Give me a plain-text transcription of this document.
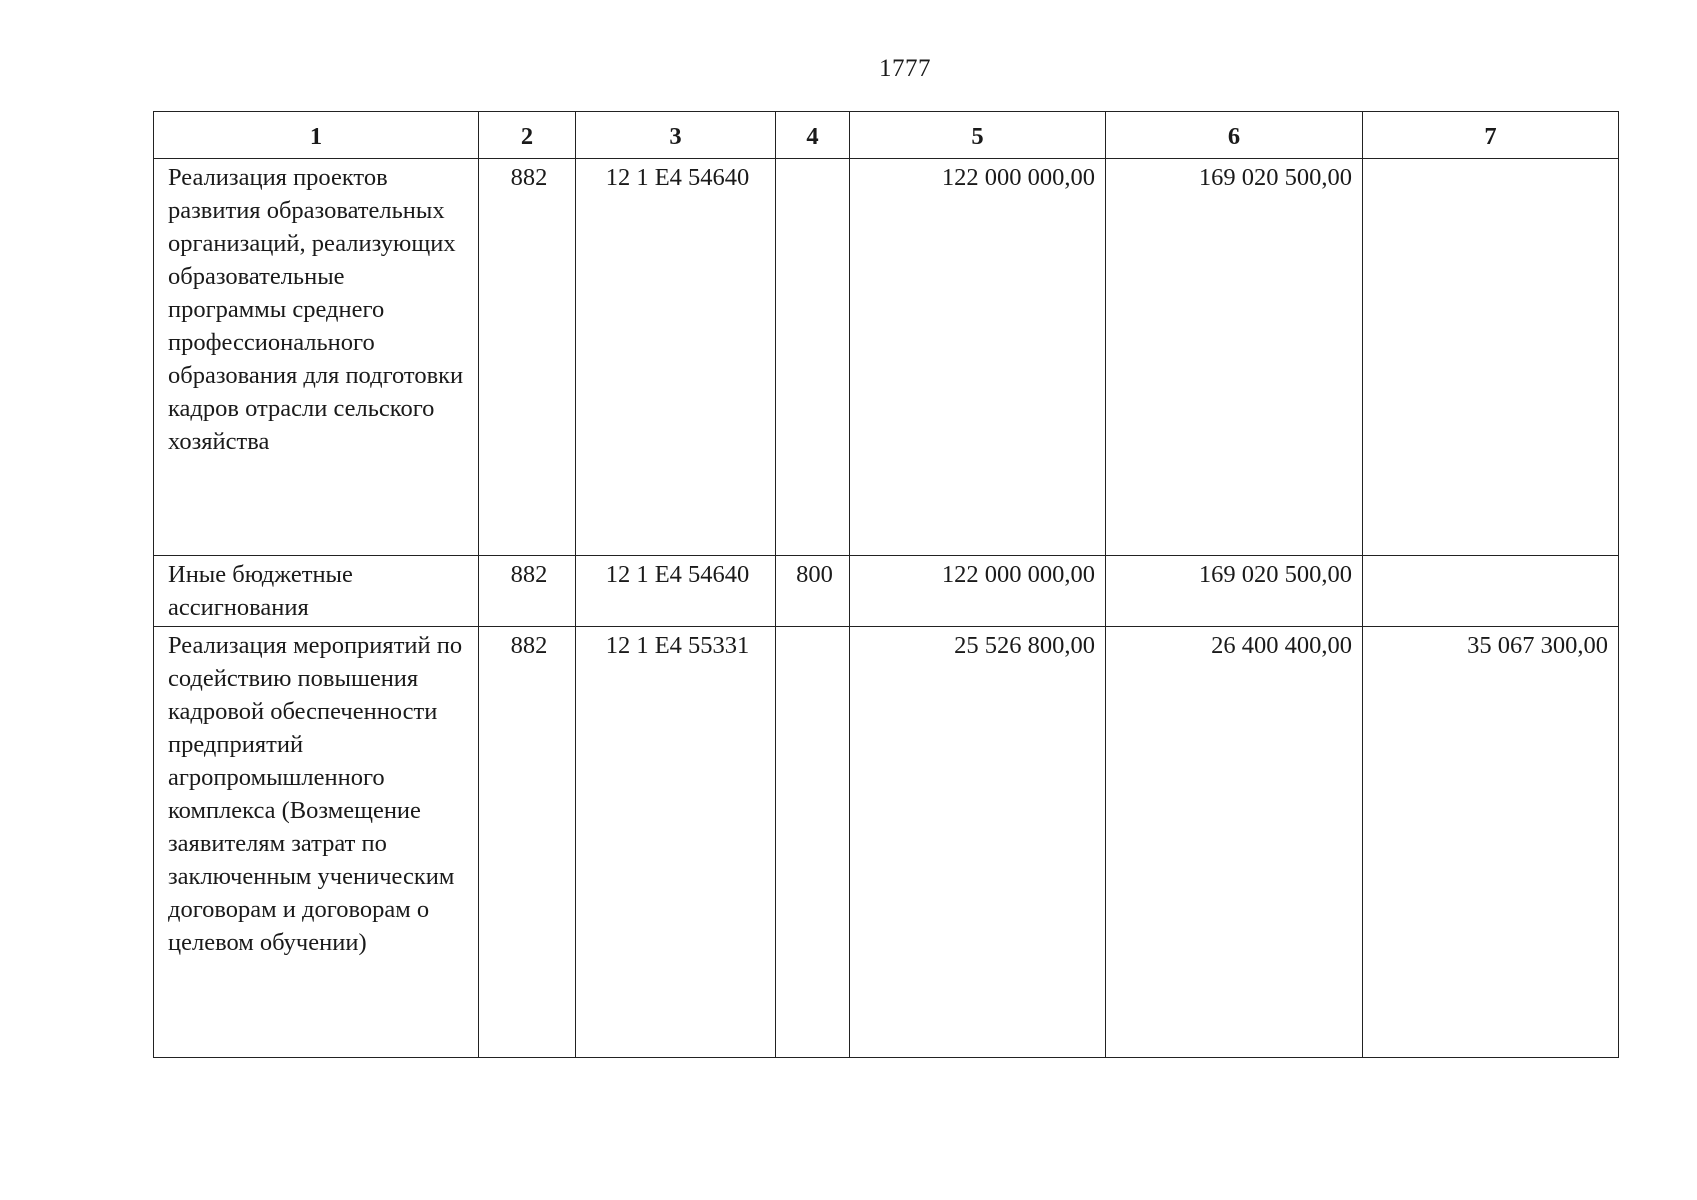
1777
1	2	3	4	5	6	7
Реализация проектов развития образовательных организаций, реализующих образовательные программы среднего профессионального образования для подготовки кадров отрасли сельского хозяйства	882	12 1 E4 54640		122 000 000,00	169 020 500,00	
Иные бюджетные ассигнования	882	12 1 E4 54640	800	122 000 000,00	169 020 500,00	
Реализация мероприятий по содействию повышения кадровой обеспеченности предприятий агропромышленного комплекса (Возмещение заявителям затрат по заключенным ученическим договорам и договорам о целевом обучении)	882	12 1 E4 55331		25 526 800,00	26 400 400,00	35 067 300,00
